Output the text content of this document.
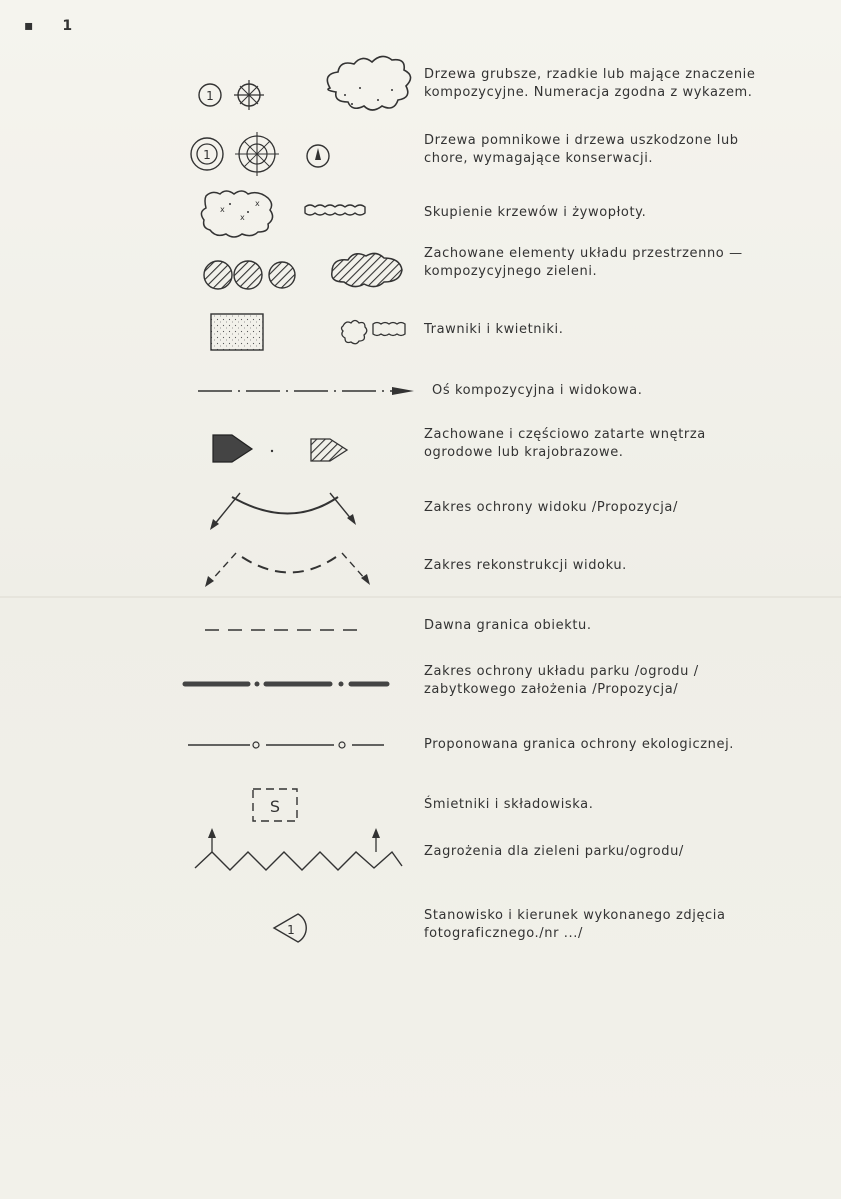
▪ 1
1
1
x
x
x
S
1
Drzewa grubsze, rzadkie lub mające znaczenie
kompozycyjne. Numeracja zgodna z wykazem.
Drzewa pomnikowe i drzewa uszkodzone lub
chore, wymagające konserwacji.
Skupienie krzewów i żywopłoty.
Zachowane elementy układu przestrzenno —
kompozycyjnego zieleni.
Trawniki i kwietniki.
Oś kompozycyjna i widokowa.
Zachowane i częściowo zatarte wnętrza
ogrodowe lub krajobrazowe.
Zakres ochrony widoku /Propozycja/
Zakres rekonstrukcji widoku.
Dawna granica obiektu.
Zakres ochrony układu parku /ogrodu /
zabytkowego założenia /Propozycja/
Proponowana granica ochrony ekologicznej.
Śmietniki i składowiska.
Zagrożenia dla zieleni parku/ogrodu/
Stanowisko i kierunek wykonanego zdjęcia
fotograficznego./nr .../
